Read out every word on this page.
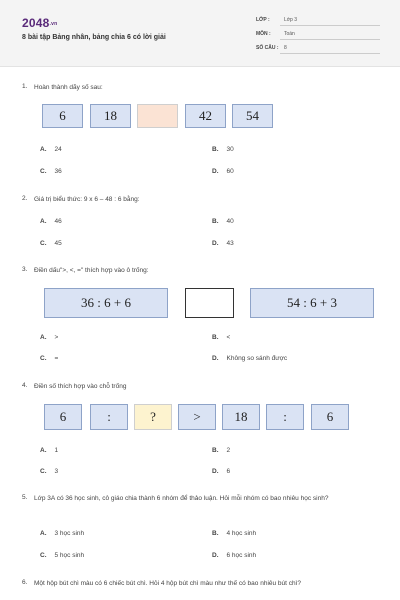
2048.vn
8 bài tập Bảng nhân, bảng chia 6 có lời giải
LỚP :	Lớp 3
MÔN :	Toán
SỐ CÂU : 8
1. Hoàn thành dãy số sau:
6	18	42	54
A. 24	B. 30
C. 36	D. 60
2. Giá trị biểu thức: 9 x 6 – 48 : 6 bằng:
A. 46	B. 40
C. 45	D. 43
3. Điền dấu">, <, =" thích hợp vào ô trống:
36 : 6 + 6	54 : 6 + 3
A. >	B. <
C. =	D. Không so sánh được
4. Điền số thích hợp vào chỗ trống
6	:	?	>	18	:	6
A. 1	B. 2
C. 3	D. 6
5. Lớp 3A có 36 học sinh, cô giáo chia thành 6 nhóm để thảo luận. Hỏi mỗi nhóm có bao nhiêu học sinh?
A. 3 học sinh	B. 4 học sinh
C. 5 học sinh	D. 6 học sinh
6. Một hộp bút chì màu có 6 chiếc bút chì. Hỏi 4 hộp bút chì màu như thế có bao nhiêu bút chì?
